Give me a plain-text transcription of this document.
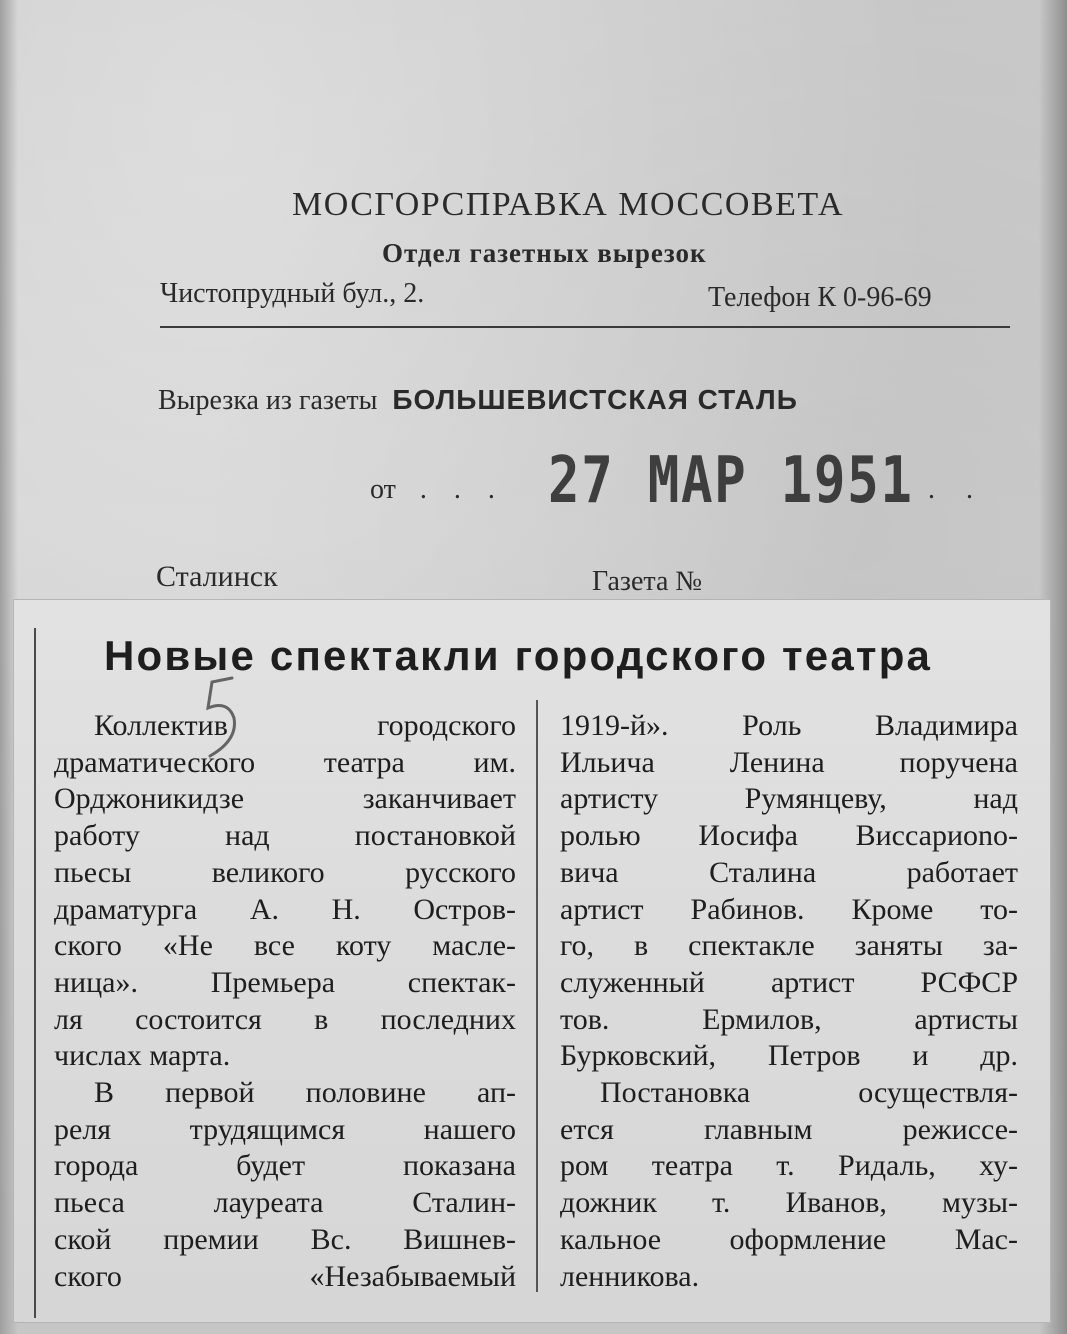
МОСГОРСПРАВКА МОССОВЕТА
Отдел газетных вырезок
Чистопрудный бул., 2.	Телефон К 0-96-69
Вырезка из газеты БОЛЬШЕВИСТСКАЯ СТАЛЬ
от . . . 27 МАР 1951 . .
Сталинск	Газета №
Новые спектакли городского театра
Коллектив городского
драматического театра им.
Орджоникидзе заканчивает
работу над постановкой
пьесы великого русского
драматурга А. Н. Остров-
ского «Не все коту масле-
ница». Премьера спектак-
ля состоится в последних
числах марта.
В первой половине ап-
реля трудящимся нашего
города будет показана
пьеса лауреата Сталин-
ской премии Вс. Вишнев-
ского «Незабываемый
1919-й». Роль Владимира
Ильича Ленина поручена
артисту Румянцеву, над
ролью Иосифа Виссариono-
вича Сталина работает
артист Рабинов. Кроме то-
го, в спектакле заняты за-
служенный артист РСФСР
тов. Ермилов, артисты
Бурковский, Петров и др.
Постановка осуществля-
ется главным режиссе-
ром театра т. Ридаль, ху-
дожник т. Иванов, музы-
кальное оформление Мас-
ленникова.
